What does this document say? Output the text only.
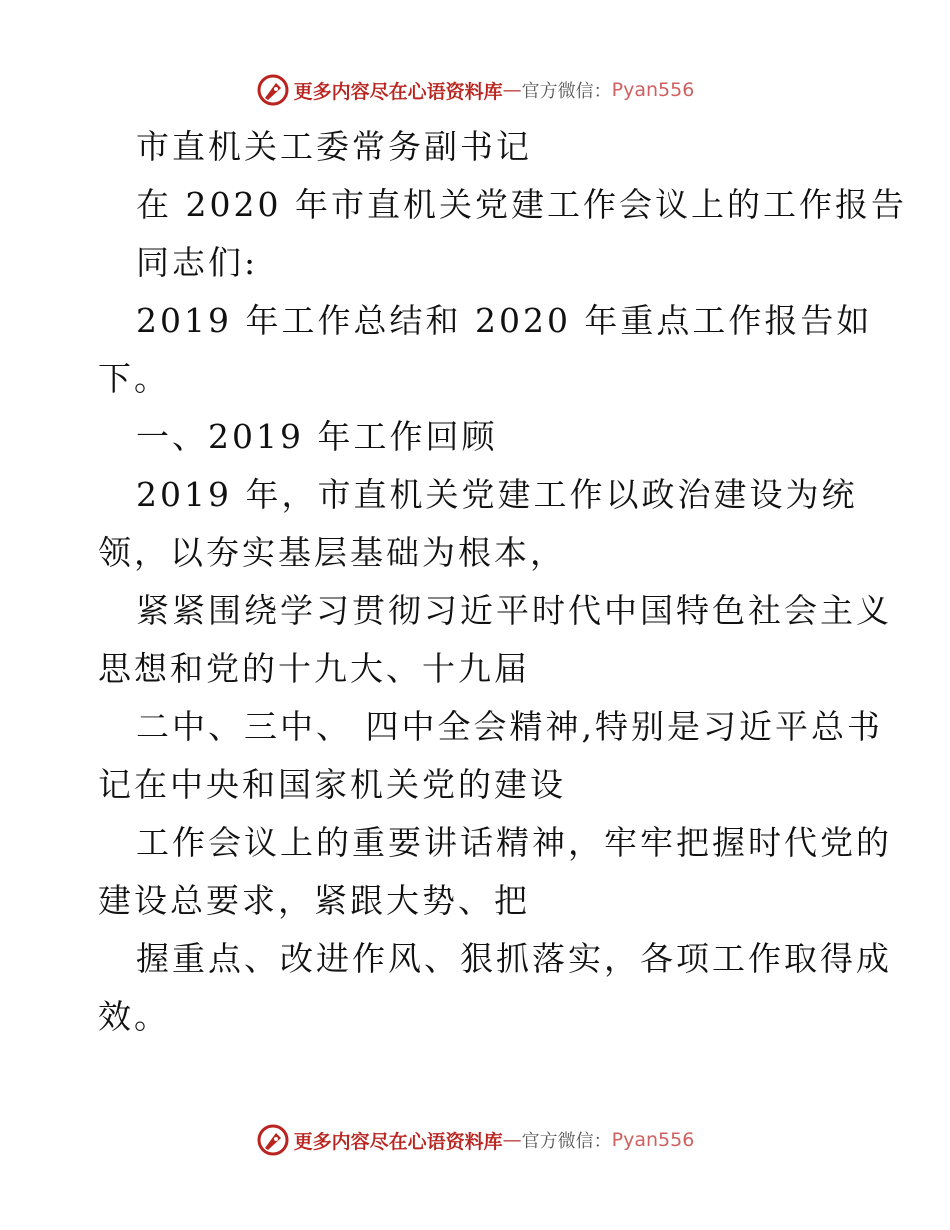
更多内容尽在心语资料库 — 官方微信： Pyan556
市直机关工委常务副书记
在 2020 年市直机关党建工作会议上的工作报告
同志们:
2019 年工作总结和 2020 年重点工作报告如
下。
一、2019 年工作回顾
2019 年，市直机关党建工作以政治建设为统
领，以夯实基层基础为根本，
紧紧围绕学习贯彻习近平时代中国特色社会主义
思想和党的十九大、十九届
二中、三中、 四中全会精神,特别是习近平总书
记在中央和国家机关党的建设
工作会议上的重要讲话精神，牢牢把握时代党的
建设总要求，紧跟大势、把
握重点、改进作风、狠抓落实，各项工作取得成
效。
更多内容尽在心语资料库 — 官方微信： Pyan556
